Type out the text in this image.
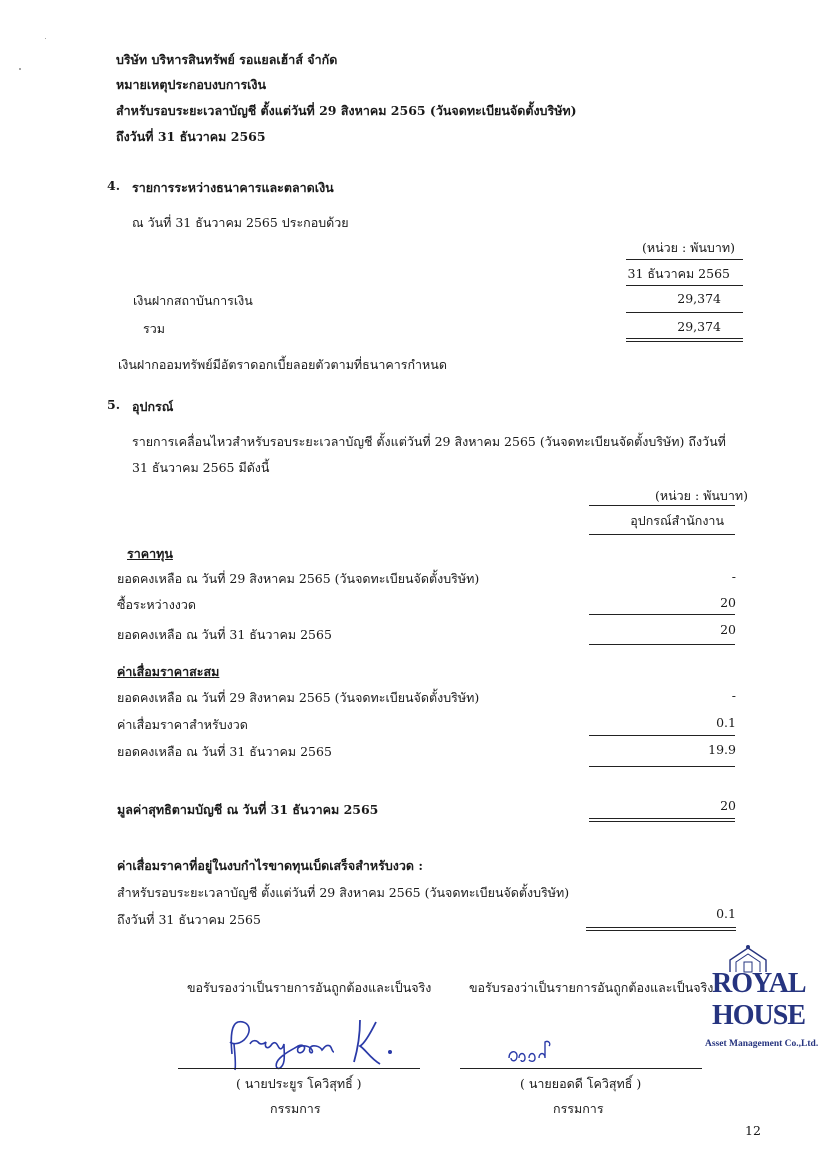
บริษัท บริหารสินทรัพย์ รอแยลเฮ้าส์ จำกัด
หมายเหตุประกอบงบการเงิน
สำหรับรอบระยะเวลาบัญชี ตั้งแต่วันที่ 29 สิงหาคม 2565 (วันจดทะเบียนจัดตั้งบริษัท)
ถึงวันที่ 31 ธันวาคม 2565
4. รายการระหว่างธนาคารและตลาดเงิน
ณ วันที่ 31 ธันวาคม 2565 ประกอบด้วย
(หน่วย : พันบาท)
31 ธันวาคม 2565
เงินฝากสถาบันการเงิน	29,374
รวม	29,374
เงินฝากออมทรัพย์มีอัตราดอกเบี้ยลอยตัวตามที่ธนาคารกำหนด
5. อุปกรณ์
รายการเคลื่อนไหวสำหรับรอบระยะเวลาบัญชี ตั้งแต่วันที่ 29 สิงหาคม 2565 (วันจดทะเบียนจัดตั้งบริษัท) ถึงวันที่
31 ธันวาคม 2565 มีดังนี้
(หน่วย : พันบาท)
อุปกรณ์สำนักงาน
ราคาทุน
ยอดคงเหลือ ณ วันที่ 29 สิงหาคม 2565 (วันจดทะเบียนจัดตั้งบริษัท)	-
ซื้อระหว่างงวด	20
ยอดคงเหลือ ณ วันที่ 31 ธันวาคม 2565	20
ค่าเสื่อมราคาสะสม
ยอดคงเหลือ ณ วันที่ 29 สิงหาคม 2565 (วันจดทะเบียนจัดตั้งบริษัท)	-
ค่าเสื่อมราคาสำหรับงวด	0.1
ยอดคงเหลือ ณ วันที่ 31 ธันวาคม 2565	19.9
มูลค่าสุทธิตามบัญชี ณ วันที่ 31 ธันวาคม 2565	20
ค่าเสื่อมราคาที่อยู่ในงบกำไรขาดทุนเบ็ดเสร็จสำหรับงวด :
สำหรับรอบระยะเวลาบัญชี ตั้งแต่วันที่ 29 สิงหาคม 2565 (วันจดทะเบียนจัดตั้งบริษัท)
ถึงวันที่ 31 ธันวาคม 2565	0.1
ขอรับรองว่าเป็นรายการอันถูกต้องและเป็นจริง
( นายประยูร โควิสุทธิ์ )
กรรมการ
ขอรับรองว่าเป็นรายการอันถูกต้องและเป็นจริง
( นายยอดดี โควิสุทธิ์ )
กรรมการ
ROYAL
HOUSE
Asset Management Co.,Ltd.
12
